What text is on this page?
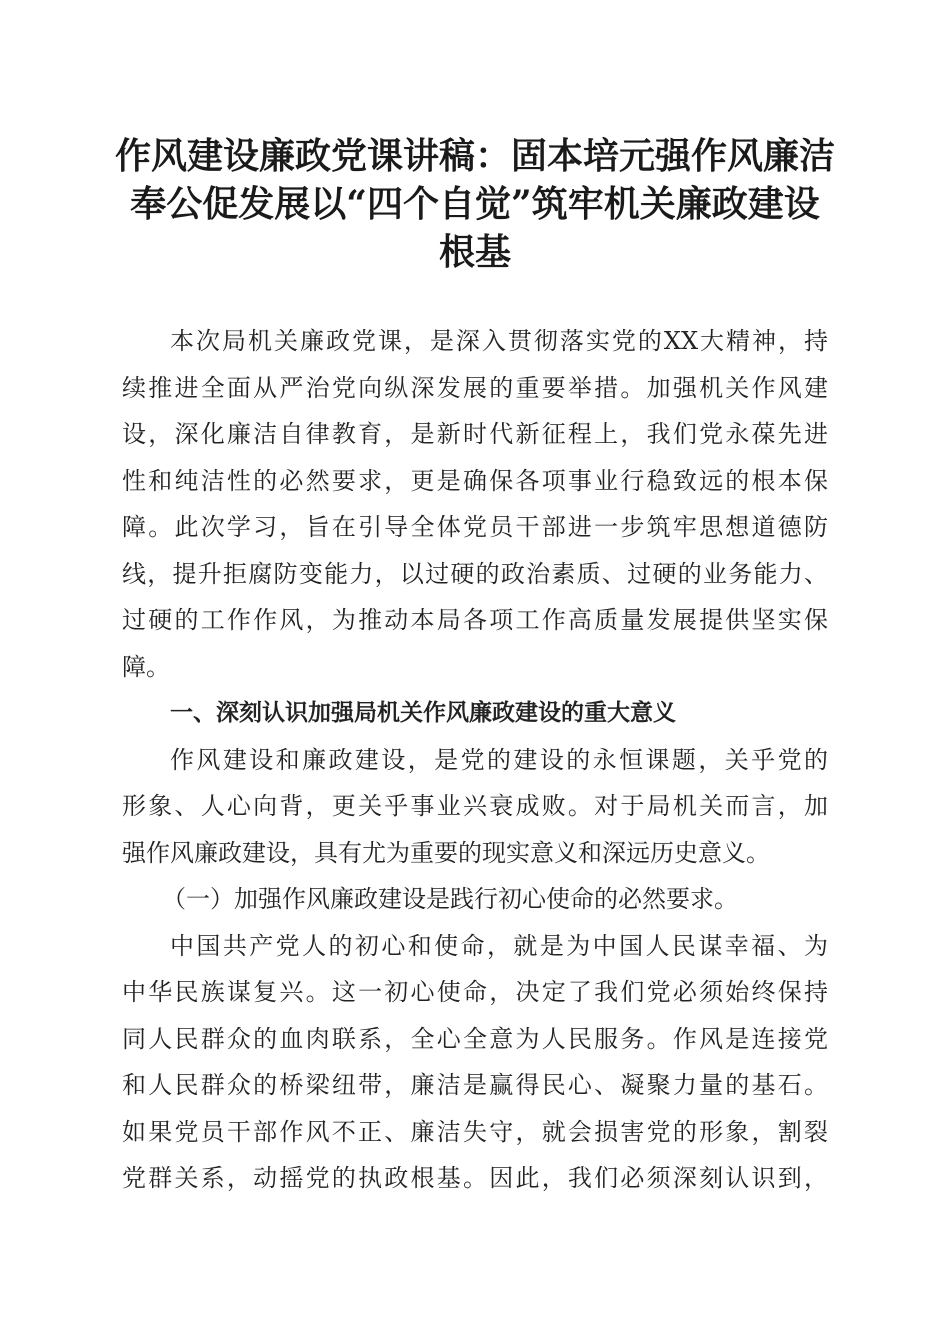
作风建设廉政党课讲稿：固本培元强作风廉洁
奉公促发展以“四个自觉”筑牢机关廉政建设
根基
本次局机关廉政党课，是深入贯彻落实党的XX大精神，持
续推进全面从严治党向纵深发展的重要举措。加强机关作风建
设，深化廉洁自律教育，是新时代新征程上，我们党永葆先进
性和纯洁性的必然要求，更是确保各项事业行稳致远的根本保
障。此次学习，旨在引导全体党员干部进一步筑牢思想道德防
线，提升拒腐防变能力，以过硬的政治素质、过硬的业务能力、
过硬的工作作风，为推动本局各项工作高质量发展提供坚实保
障。
一、深刻认识加强局机关作风廉政建设的重大意义
作风建设和廉政建设，是党的建设的永恒课题，关乎党的
形象、人心向背，更关乎事业兴衰成败。对于局机关而言，加
强作风廉政建设，具有尤为重要的现实意义和深远历史意义。
（一）加强作风廉政建设是践行初心使命的必然要求。
中国共产党人的初心和使命，就是为中国人民谋幸福、为
中华民族谋复兴。这一初心使命，决定了我们党必须始终保持
同人民群众的血肉联系，全心全意为人民服务。作风是连接党
和人民群众的桥梁纽带，廉洁是赢得民心、凝聚力量的基石。
如果党员干部作风不正、廉洁失守，就会损害党的形象，割裂
党群关系，动摇党的执政根基。因此，我们必须深刻认识到，
